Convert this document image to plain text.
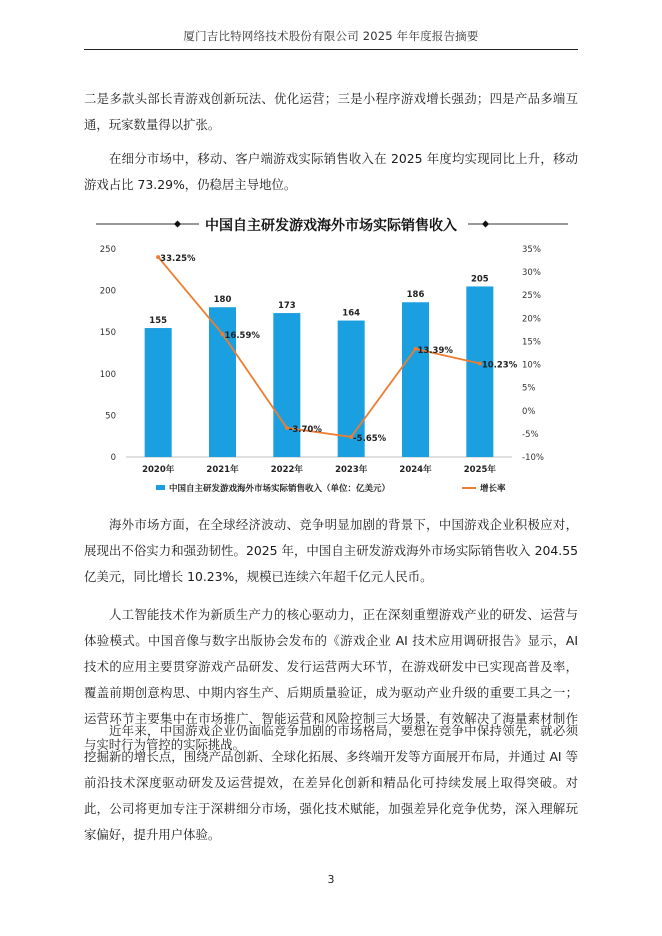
厦门吉比特网络技术股份有限公司 2025 年年度报告摘要
二是多款头部长青游戏创新玩法、优化运营；三是小程序游戏增长强劲；四是产品多端互通，玩家数量得以扩张。
在细分市场中，移动、客户端游戏实际销售收入在 2025 年度均实现同比上升，移动游戏占比 73.29%，仍稳居主导地位。
中国自主研发游戏海外市场实际销售收入
0
50
100
150
200
250
-10%
-5%
0%
5%
10%
15%
20%
25%
30%
35%
2020年	2021年	2022年	2023年	2024年	2025年
155
180
173
164
186
205
33.25%
16.59%
-3.70%
-5.65%
13.39%
10.23%
中国自主研发游戏海外市场实际销售收入（单位：亿美元）	增长率
海外市场方面，在全球经济波动、竞争明显加剧的背景下，中国游戏企业积极应对，展现出不俗实力和强劲韧性。2025 年，中国自主研发游戏海外市场实际销售收入 204.55 亿美元，同比增长 10.23%，规模已连续六年超千亿元人民币。
人工智能技术作为新质生产力的核心驱动力，正在深刻重塑游戏产业的研发、运营与体验模式。中国音像与数字出版协会发布的《游戏企业 AI 技术应用调研报告》显示，AI 技术的应用主要贯穿游戏产品研发、发行运营两大环节，在游戏研发中已实现高普及率，覆盖前期创意构思、中期内容生产、后期质量验证，成为驱动产业升级的重要工具之一；运营环节主要集中在市场推广、智能运营和风险控制三大场景，有效解决了海量素材制作与实时行为管控的实际挑战。
近年来，中国游戏企业仍面临竞争加剧的市场格局，要想在竞争中保持领先，就必须挖掘新的增长点，围绕产品创新、全球化拓展、多终端开发等方面展开布局，并通过 AI 等前沿技术深度驱动研发及运营提效，在差异化创新和精品化可持续发展上取得突破。对此，公司将更加专注于深耕细分市场，强化技术赋能，加强差异化竞争优势，深入理解玩家偏好，提升用户体验。
3
